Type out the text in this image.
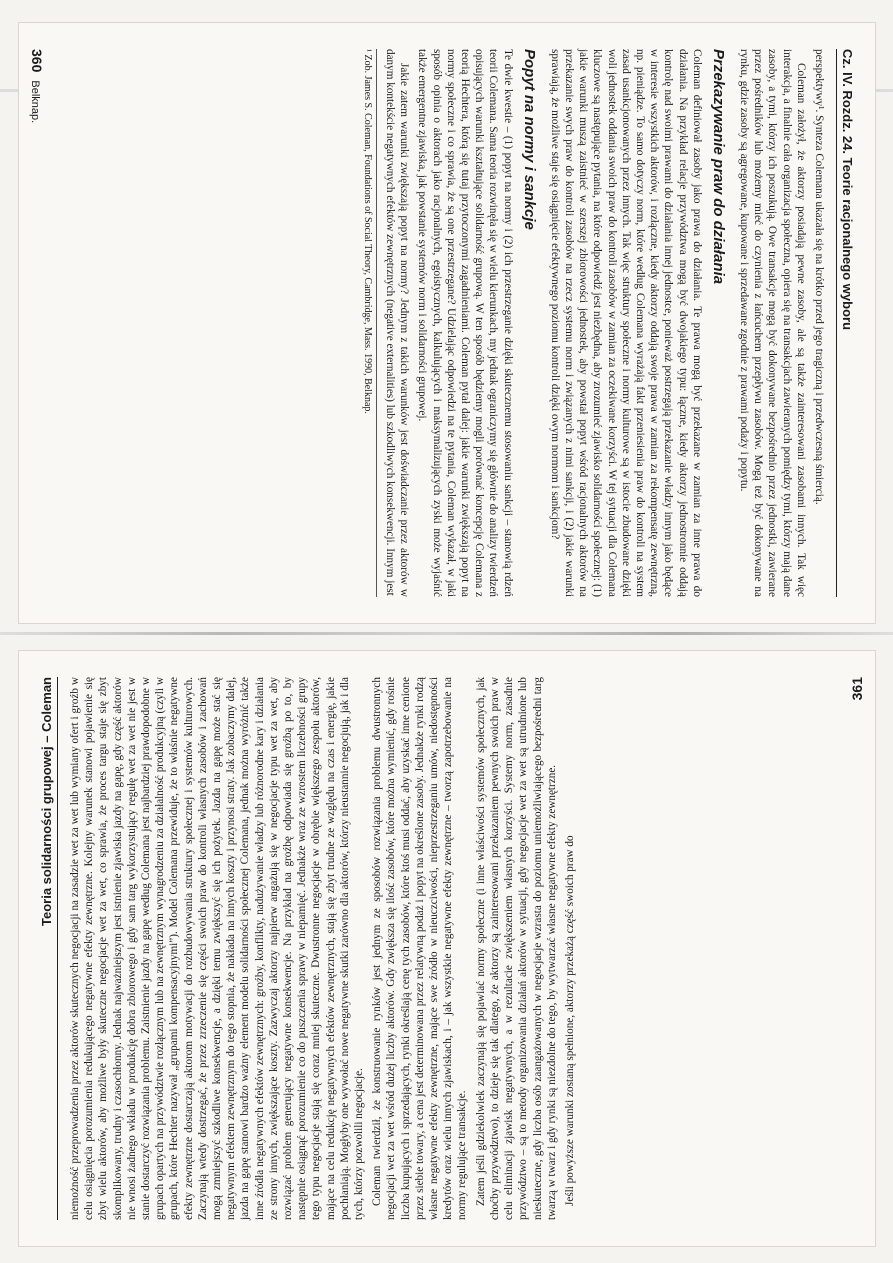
Cz. IV. Rozdz. 24. Teorie racjonalnego wyboru

perspektywy¹. Synteza Colemana ukazała się na krótko przed jego tragiczną i przedwczesną śmiercią.

Coleman założył, że aktorzy posiadają pewne zasoby, ale są także zainteresowani zasobami innych. Tak więc interakcja, a finalnie cała organizacja społeczna, opiera się na transakcjach zawieranych pomiędzy tymi, którzy mają dane zasoby, a tymi, którzy ich poszukują. Owe transakcje mogą być dokonywane bezpośrednio przez jednostki, zawierane przez pośredników lub możemy mieć do czynienia z łańcuchem przepływu zasobów. Mogą też być dokonywane na rynku, gdzie zasoby są agregowane, kupowane i sprzedawane zgodnie z prawami podaży i popytu.

Przekazywanie praw do działania

Coleman definiował zasoby jako prawa do działania. Te prawa mogą być przekazane w zamian za inne prawa do działania. Na przykład relacje przywództwa mogą być dwojakiego typu: łączne, kiedy aktorzy jednostronnie oddają kontrolę nad swoimi prawami do działania innej jednostce, ponieważ postrzegają przekazanie władzy innym jako będące w interesie wszystkich aktorów, i rozłączne, kiedy aktorzy oddają swoje prawa w zamian za rekompensatę zewnętrzną, np. pieniądze. To samo dotyczy norm, które według Colemana wyrażają fakt przeniesienia praw do kontroli na system zasad usankcjonowanych przez innych. Tak więc struktury społeczne i normy kulturowe są w istocie zbudowane dzięki woli jednostek oddania swoich praw do kontroli zasobów w zamian za oczekiwane korzyści. W tej sytuacji dla Colemana kluczowe są następujące pytania, na które odpowiedź jest niezbędna, aby zrozumieć zjawisko solidarności społecznej: (1) jakie warunki muszą zaistnieć w szerszej zbiorowości jednostek, aby powstał popyt wśród racjonalnych aktorów na przekazanie swych praw do kontroli zasobów na rzecz systemu norm i związanych z nimi sankcji, i (2) jakie warunki sprawiają, że możliwe staje się osiągnięcie efektywnego poziomu kontroli dzięki owym normom i sankcjom?

Popyt na normy i sankcje

Te dwie kwestie – (1) popyt na normy i (2) ich przestrzeganie dzięki skutecznemu stosowaniu sankcji – stanowią rdzeń teorii Colemana. Sama teoria rozwinęła się w wielu kierunkach, my jednak ograniczymy się głównie do analizy twierdzeń opisujących warunki kształtujące solidarność grupową. W ten sposób będziemy mogli porównać koncepcję Colemana z teorią Hechtera, którą się tutaj przytoczonymi zagadnieniami. Coleman pytał dalej: jakie warunki zwiększają popyt na normy społeczne i co sprawia, że są one przestrzegane? Udzielając odpowiedzi na te pytania, Coleman wykazał, w jaki sposób opinia o aktorach jako racjonalnych, egoistycznych, kalkulujących i maksymalizujących zyski może wyjaśnić także emergentne zjawiska, jak powstanie systemów norm i solidarności grupowej.

Jakie zatem warunki zwiększają popyt na normy? Jednym z takich warunków jest doświadczanie przez aktorów w danym kontekście negatywnych efektów zewnętrznych (negative externalities) lub szkodliwych konsekwencji. Innym jest

¹ Zob. James S. Coleman, Foundations of Social Theory, Cambridge, Mass. 1990, Belknap.

360Belknap.
Teoria solidarności grupowej – Coleman niemożność przeprowadzenia przez aktorów skutecznych negocjacji na zasadzie wet za wet lub wymiany ofert i groźb w celu osiągnięcia porozumienia redukującego negatywne efekty zewnętrzne. Kolejny warunek stanowi pojawienie się zbyt wielu aktorów, aby możliwe były skuteczne negocjacje wet za wet, co sprawia, że proces targu staje się zbyt skomplikowany, trudny i czasochłonny. Jednak najważniejszym jest istnienie zjawiska jazdy na gapę, gdy część aktorów nie wnosi żadnego wkładu w produkcję dobra zbiorowego i gdy sam targ wykorzystujący regułę wet za wet nie jest w stanie dostarczyć rozwiązania problemu. Zaistnienie jazdy na gapę według Colemana jest najbardziej prawdopodobne w grupach opartych na przywództwie rozłącznym lub na zewnętrznym wynagrodzeniu za działalność produkcyjną (czyli w grupach, które Hechter nazywał „grupami kompensacyjnymi”). Model Colemana przewiduje, że to właśnie negatywne efekty zewnętrzne dostarczają aktorom motywacji do rozbudowywania struktury społecznej i systemów kulturowych. Zaczynają wtedy dostrzegać, że przez zrzeczenie się części swoich praw do kontroli własnych zasobów i zachowań mogą zmniejszyć szkodliwe konsekwencje, a dzięki temu zwiększyć się ich pożytek. Jazda na gapę może stać się negatywnym efektem zewnętrznym do tego stopnia, że nakłada na innych koszty i przynosi straty. Jak zobaczymy dalej, jazda na gapę stanowi bardzo ważny element modelu solidarności społecznej Colemana, jednak można wyróżnić także inne źródła negatywnych efektów zewnętrznych: groźby, konflikty, nadużywanie władzy lub różnorodne kary i działania ze strony innych, zwiększające koszty. Zazwyczaj aktorzy najpierw angażują się w negocjacje typu wet za wet, aby rozwiązać problem generujący negatywne konsekwencje. Na przykład na groźbę odpowiada się groźbą po to, by następnie osiągnąć porozumienie co do puszczenia sprawy w niepamięć. Jednakże wraz ze wzrostem liczebności grupy tego typu negocjacje stają się coraz mniej skuteczne. Dwustronne negocjacje w obrębie większego zespołu aktorów, mające na celu redukcję negatywnych efektów zewnętrznych, stają się zbyt trudne ze względu na czas i energię, jakie pochłaniają. Mogłyby one wywołać nowe negatywne skutki zarówno dla aktorów, którzy nieustannie negocjują, jak i dla tych, którzy pozwolili negocjacje. Coleman twierdził, że konstruowanie rynków jest jednym ze sposobów rozwiązania problemu dwustronnych negocjacji wet za wet wśród dużej liczby aktorów. Gdy zwiększa się ilość zasobów, które można wymienić, gdy rośnie liczba kupujących i sprzedających, rynki określają cenę tych zasobów, które ktoś musi oddać, aby uzyskać inne cenione przez siebie towary, a cena jest determinowana przez relatywną podaż i popyt na określone zasoby. Jednakże rynki rodzą własne negatywne efekty zewnętrzne, mające swe źródło w nieuczciwości, nieprzestrzeganiu umów, niedostępności kredytów oraz wielu innych zjawiskach, i – jak wszystkie negatywne efekty zewnętrzne – tworzą zapotrzebowanie na normy regulujące transakcje. Zatem jeśli gdziekolwiek zaczynają się pojawiać normy społeczne (i inne właściwości systemów społecznych, jak choćby przywództwo), to dzieje się tak dlatego, że aktorzy są zainteresowani przekazaniem pewnych swoich praw w celu eliminacji zjawisk negatywnych, a w rezultacie zwiększeniem własnych korzyści. Systemy norm, zasadnie przywództwo – są to metody organizowania działań aktorów w sytuacji, gdy negocjacje wet za wet są utrudnione lub nieskuteczne, gdy liczba osób zaangażowanych w negocjacje wzrasta do poziomu uniemożliwiającego bezpośredni targ twarzą w twarz i gdy rynki są niezdolne do tego, by wytwarzać własne negatywne efekty zewnętrzne. Jeśli powyższe warunki zostaną spełnione, aktorzy przekażą część swoich praw do

361
